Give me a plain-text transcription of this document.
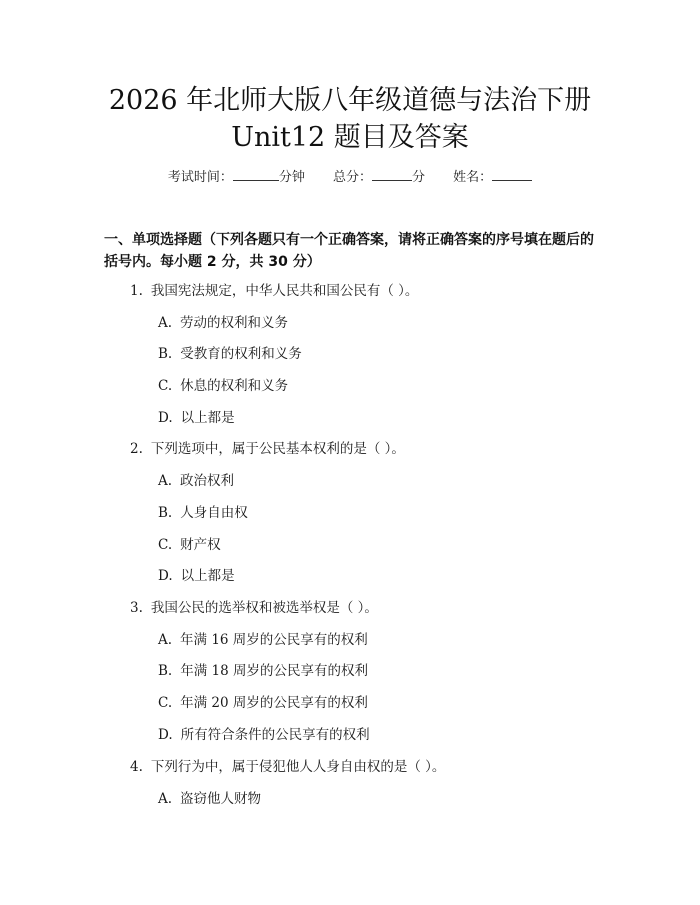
2026 年北师大版八年级道德与法治下册
Unit12 题目及答案
考试时间：	分钟 总分：	分 姓名：
一、单项选择题（下列各题只有一个正确答案，请将正确答案的序号填在题后的括号内。每小题 2 分，共 30 分）
1. 我国宪法规定，中华人民共和国公民有（ ）。
A. 劳动的权利和义务
B. 受教育的权利和义务
C. 休息的权利和义务
D. 以上都是
2. 下列选项中，属于公民基本权利的是（ ）。
A. 政治权利
B. 人身自由权
C. 财产权
D. 以上都是
3. 我国公民的选举权和被选举权是（ ）。
A. 年满 16 周岁的公民享有的权利
B. 年满 18 周岁的公民享有的权利
C. 年满 20 周岁的公民享有的权利
D. 所有符合条件的公民享有的权利
4. 下列行为中，属于侵犯他人人身自由权的是（ ）。
A. 盗窃他人财物
